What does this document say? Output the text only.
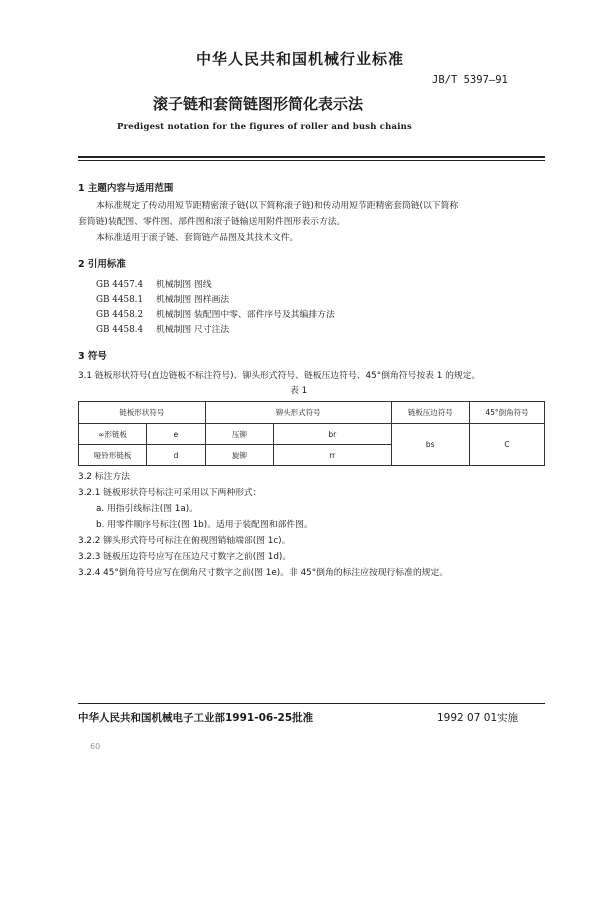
中华人民共和国机械行业标准
JB/T 5397—91
滚子链和套筒链图形简化表示法
Predigest notation for the figures of roller and bush chains
1 主题内容与适用范围
本标准规定了传动用短节距精密滚子链(以下简称滚子链)和传动用短节距精密套筒链(以下简称
套筒链)装配图、零件图、部件图和滚子链输送用附件图形表示方法。
本标准适用于滚子链、套筒链产品图及其技术文件。
2 引用标准
GB 4457.4 机械制图 图线
GB 4458.1 机械制图 图样画法
GB 4458.2 机械制图 装配图中零、部件序号及其编排方法
GB 4458.4 机械制图 尺寸注法
3 符号
3.1 链板形状符号(直边链板不标注符号)、铆头形式符号、链板压边符号、45°倒角符号按表 1 的规定。
表 1
链板形状符号		铆头形式符号		链板压边符号	45°倒角符号
∞形链板	e	压铆	br	bs	C
哑铃形链板	d	旋铆	rr		
3.2 标注方法
3.2.1 链板形状符号标注可采用以下两种形式：
a. 用指引线标注(图 1a)。
b. 用零件顺序号标注(图 1b)。适用于装配图和部件图。
3.2.2 铆头形式符号可标注在俯视图销轴端部(图 1c)。
3.2.3 链板压边符号应写在压边尺寸数字之前(图 1d)。
3.2.4 45°倒角符号应写在倒角尺寸数字之前(图 1e)。非 45°倒角的标注应按现行标准的规定。
中华人民共和国机械电子工业部1991-06-25批准	1992 07 01实施
60
